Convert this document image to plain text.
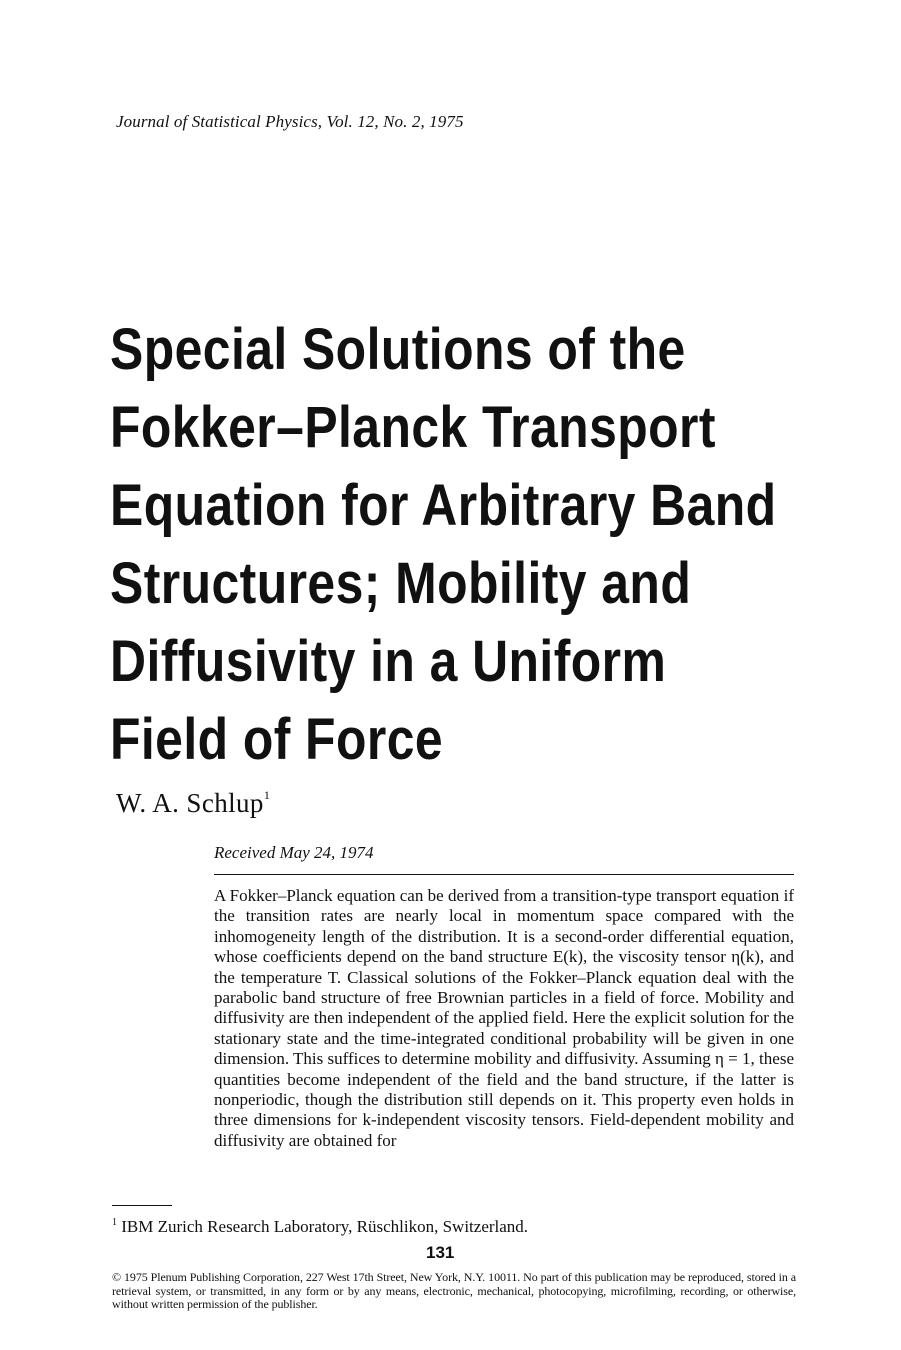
Journal of Statistical Physics, Vol. 12, No. 2, 1975
Special Solutions of the
Fokker–Planck Transport
Equation for Arbitrary Band
Structures; Mobility and
Diffusivity in a Uniform
Field of Force
W. A. Schlup$^1$
Received May 24, 1974

A Fokker–Planck equation can be derived from a transition-type transport equation if the transition rates are nearly local in momentum space compared with the inhomogeneity length of the distribution. It is a second-order differential equation, whose coefficients depend on the band structure E(k), the viscosity tensor η(k), and the temperature T. Classical solutions of the Fokker–Planck equation deal with the parabolic band structure of free Brownian particles in a field of force. Mobility and diffusivity are then independent of the applied field. Here the explicit solution for the stationary state and the time-integrated conditional probability will be given in one dimension. This suffices to determine mobility and diffusivity. Assuming η = 1, these quantities become independent of the field and the band structure, if the latter is nonperiodic, though the distribution still depends on it. This property even holds in three dimensions for k-independent viscosity tensors. Field-dependent mobility and diffusivity are obtained for

$^1$ IBM Zurich Research Laboratory, Rüschlikon, Switzerland.
131

© 1975 Plenum Publishing Corporation, 227 West 17th Street, New York, N.Y. 10011. No part of this publication may be reproduced, stored in a retrieval system, or transmitted, in any form or by any means, electronic, mechanical, photocopying, microfilming, recording, or otherwise, without written permission of the publisher.
